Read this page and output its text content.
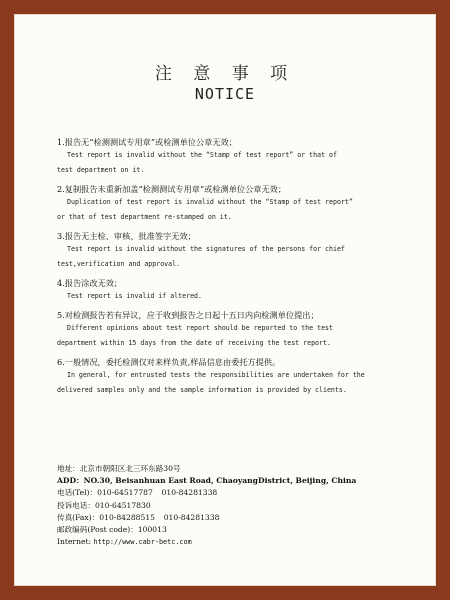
注 意 事 项
NOTICE
1.报告无“检测测试专用章”或检测单位公章无效；
Test report is invalid without the “Stamp of test report” or that of
test department on it.
2.复制报告未重新加盖“检测测试专用章”或检测单位公章无效；
Duplication of test report is invalid without the “Stamp of test report”
or that of test department re-stamped on it.
3.报告无主检、审核、批准签字无效；
Test report is invalid without the signatures of the persons for chief
test,verification and approval.
4.报告涂改无效；
Test report is invalid if altered.
5.对检测报告若有异议，应于收到报告之日起十五日内向检测单位提出；
Different opinions about test report should be reported to the test
department within 15 days from the date of receiving the test report.
6.一般情况，委托检测仅对来样负责,样品信息由委托方提供。
In general, for entrusted tests the responsibilities are undertaken for the
delivered samples only and the sample information is provided by clients.
地址：北京市朝阳区北三环东路30号
ADD：NO.30, Beisanhuan East Road, ChaoyangDistrict, Beijing, China
电话(Tel)：010-64517787 010-84281338
投诉电话：010-64517830
传真(Fax)：010-84288515 010-84281338
邮政编码(Post code)：100013
Internet: http://www.cabr-betc.com
